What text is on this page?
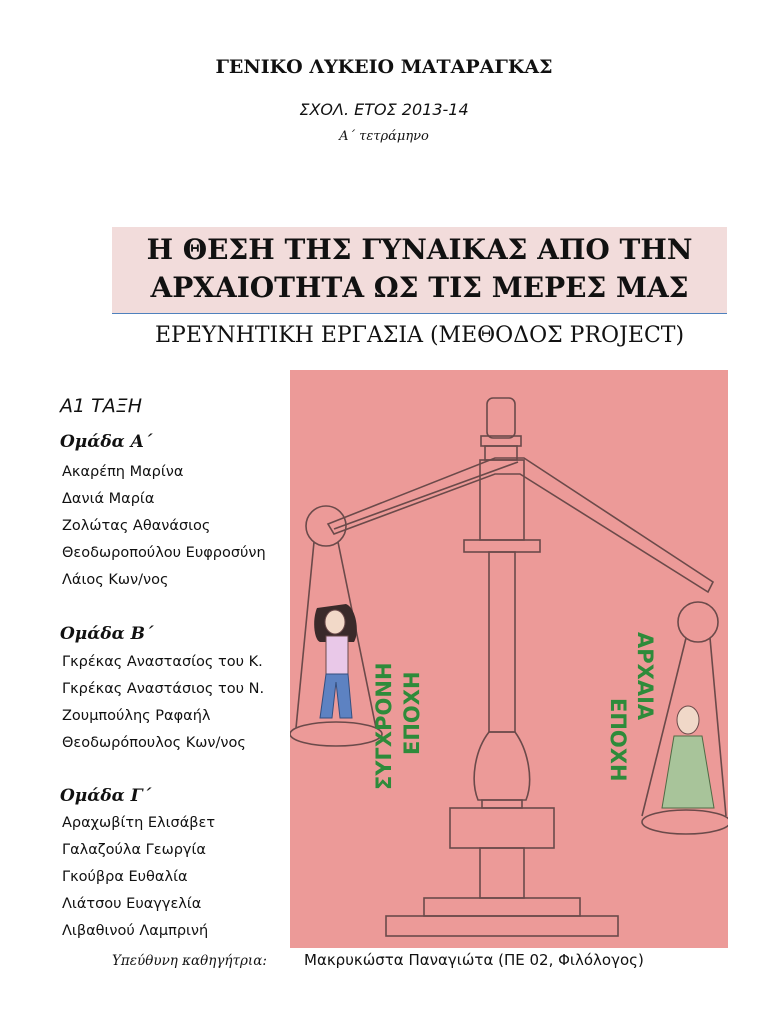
ΓΕΝΙΚΟ ΛΥΚΕΙΟ ΜΑΤΑΡΑΓΚΑΣ
ΣΧΟΛ. ΕΤΟΣ 2013-14
Α΄ τετράμηνο
Η ΘΕΣΗ ΤΗΣ ΓΥΝΑΙΚΑΣ ΑΠΟ ΤΗΝ
ΑΡΧΑΙΟΤΗΤΑ ΩΣ ΤΙΣ ΜΕΡΕΣ ΜΑΣ
ΕΡΕΥΝΗΤΙΚΗ ΕΡΓΑΣΙΑ (ΜΕΘΟΔΟΣ PROJECT)
Α1 ΤΑΞΗ
Ομάδα Α΄
Ακαρέπη Μαρίνα
Δανιά Μαρία
Ζολώτας Αθανάσιος
Θεοδωροπούλου Ευφροσύνη
Λάιος Κων/νος
Ομάδα Β΄
Γκρέκας Αναστασίος του Κ.
Γκρέκας Αναστάσιος του Ν.
Ζουμπούλης Ραφαήλ
Θεοδωρόπουλος Κων/νος
Ομάδα Γ΄
Αραχωβίτη Ελισάβετ
Γαλαζούλα Γεωργία
Γκούβρα Ευθαλία
Λιάτσου Ευαγγελία
Λιβαθινού Λαμπρινή
ΣΥΓΧΡΟΝΗ ΕΠΟΧΗ	ΑΡΧΑΙΑ
ΕΠΟΧΗ
Υπεύθυνη καθηγήτρια: Μακρυκώστα Παναγιώτα (ΠΕ 02, Φιλόλογος)
